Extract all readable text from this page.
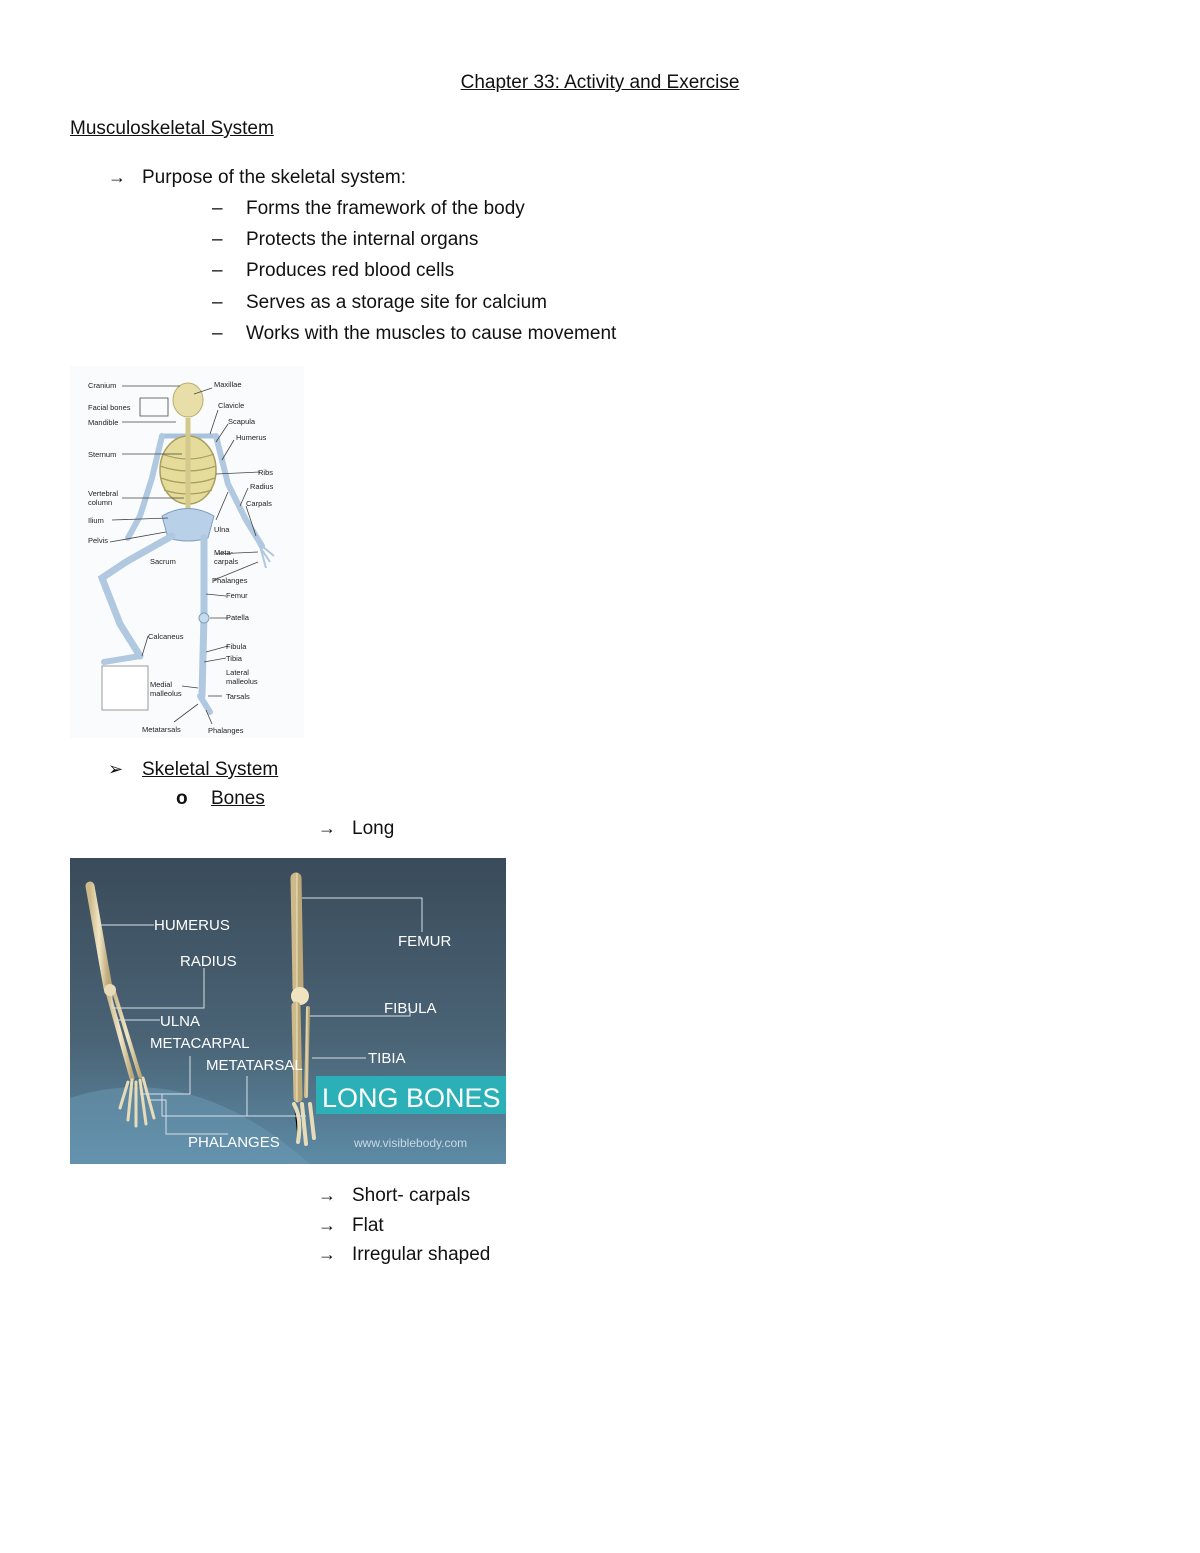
Chapter 33: Activity and Exercise
Musculoskeletal System
→ Purpose of the skeletal system:
– Forms the framework of the body
– Protects the internal organs
– Produces red blood cells
– Serves as a storage site for calcium
– Works with the muscles to cause movement
Cranium
Facial bones
Mandible
Sternum
Vertebral
column
Ilium
Pelvis
Sacrum
Calcaneus
Medial
malleolus
Metatarsals
Maxillae
Clavicle
Scapula
Humerus
Ribs
Radius
Carpals
Ulna
Meta-
carpals
Phalanges
Femur
Patella
Fibula
Tibia
Lateral
malleolus
Tarsals
Phalanges
➢ Skeletal System
o Bones
→ Long
LONG BONES
www.visiblebody.com
HUMERUS
RADIUS
ULNA
METACARPAL
METATARSAL
PHALANGES
FEMUR
FIBULA
TIBIA
→ Short- carpals
→ Flat
→ Irregular shaped
